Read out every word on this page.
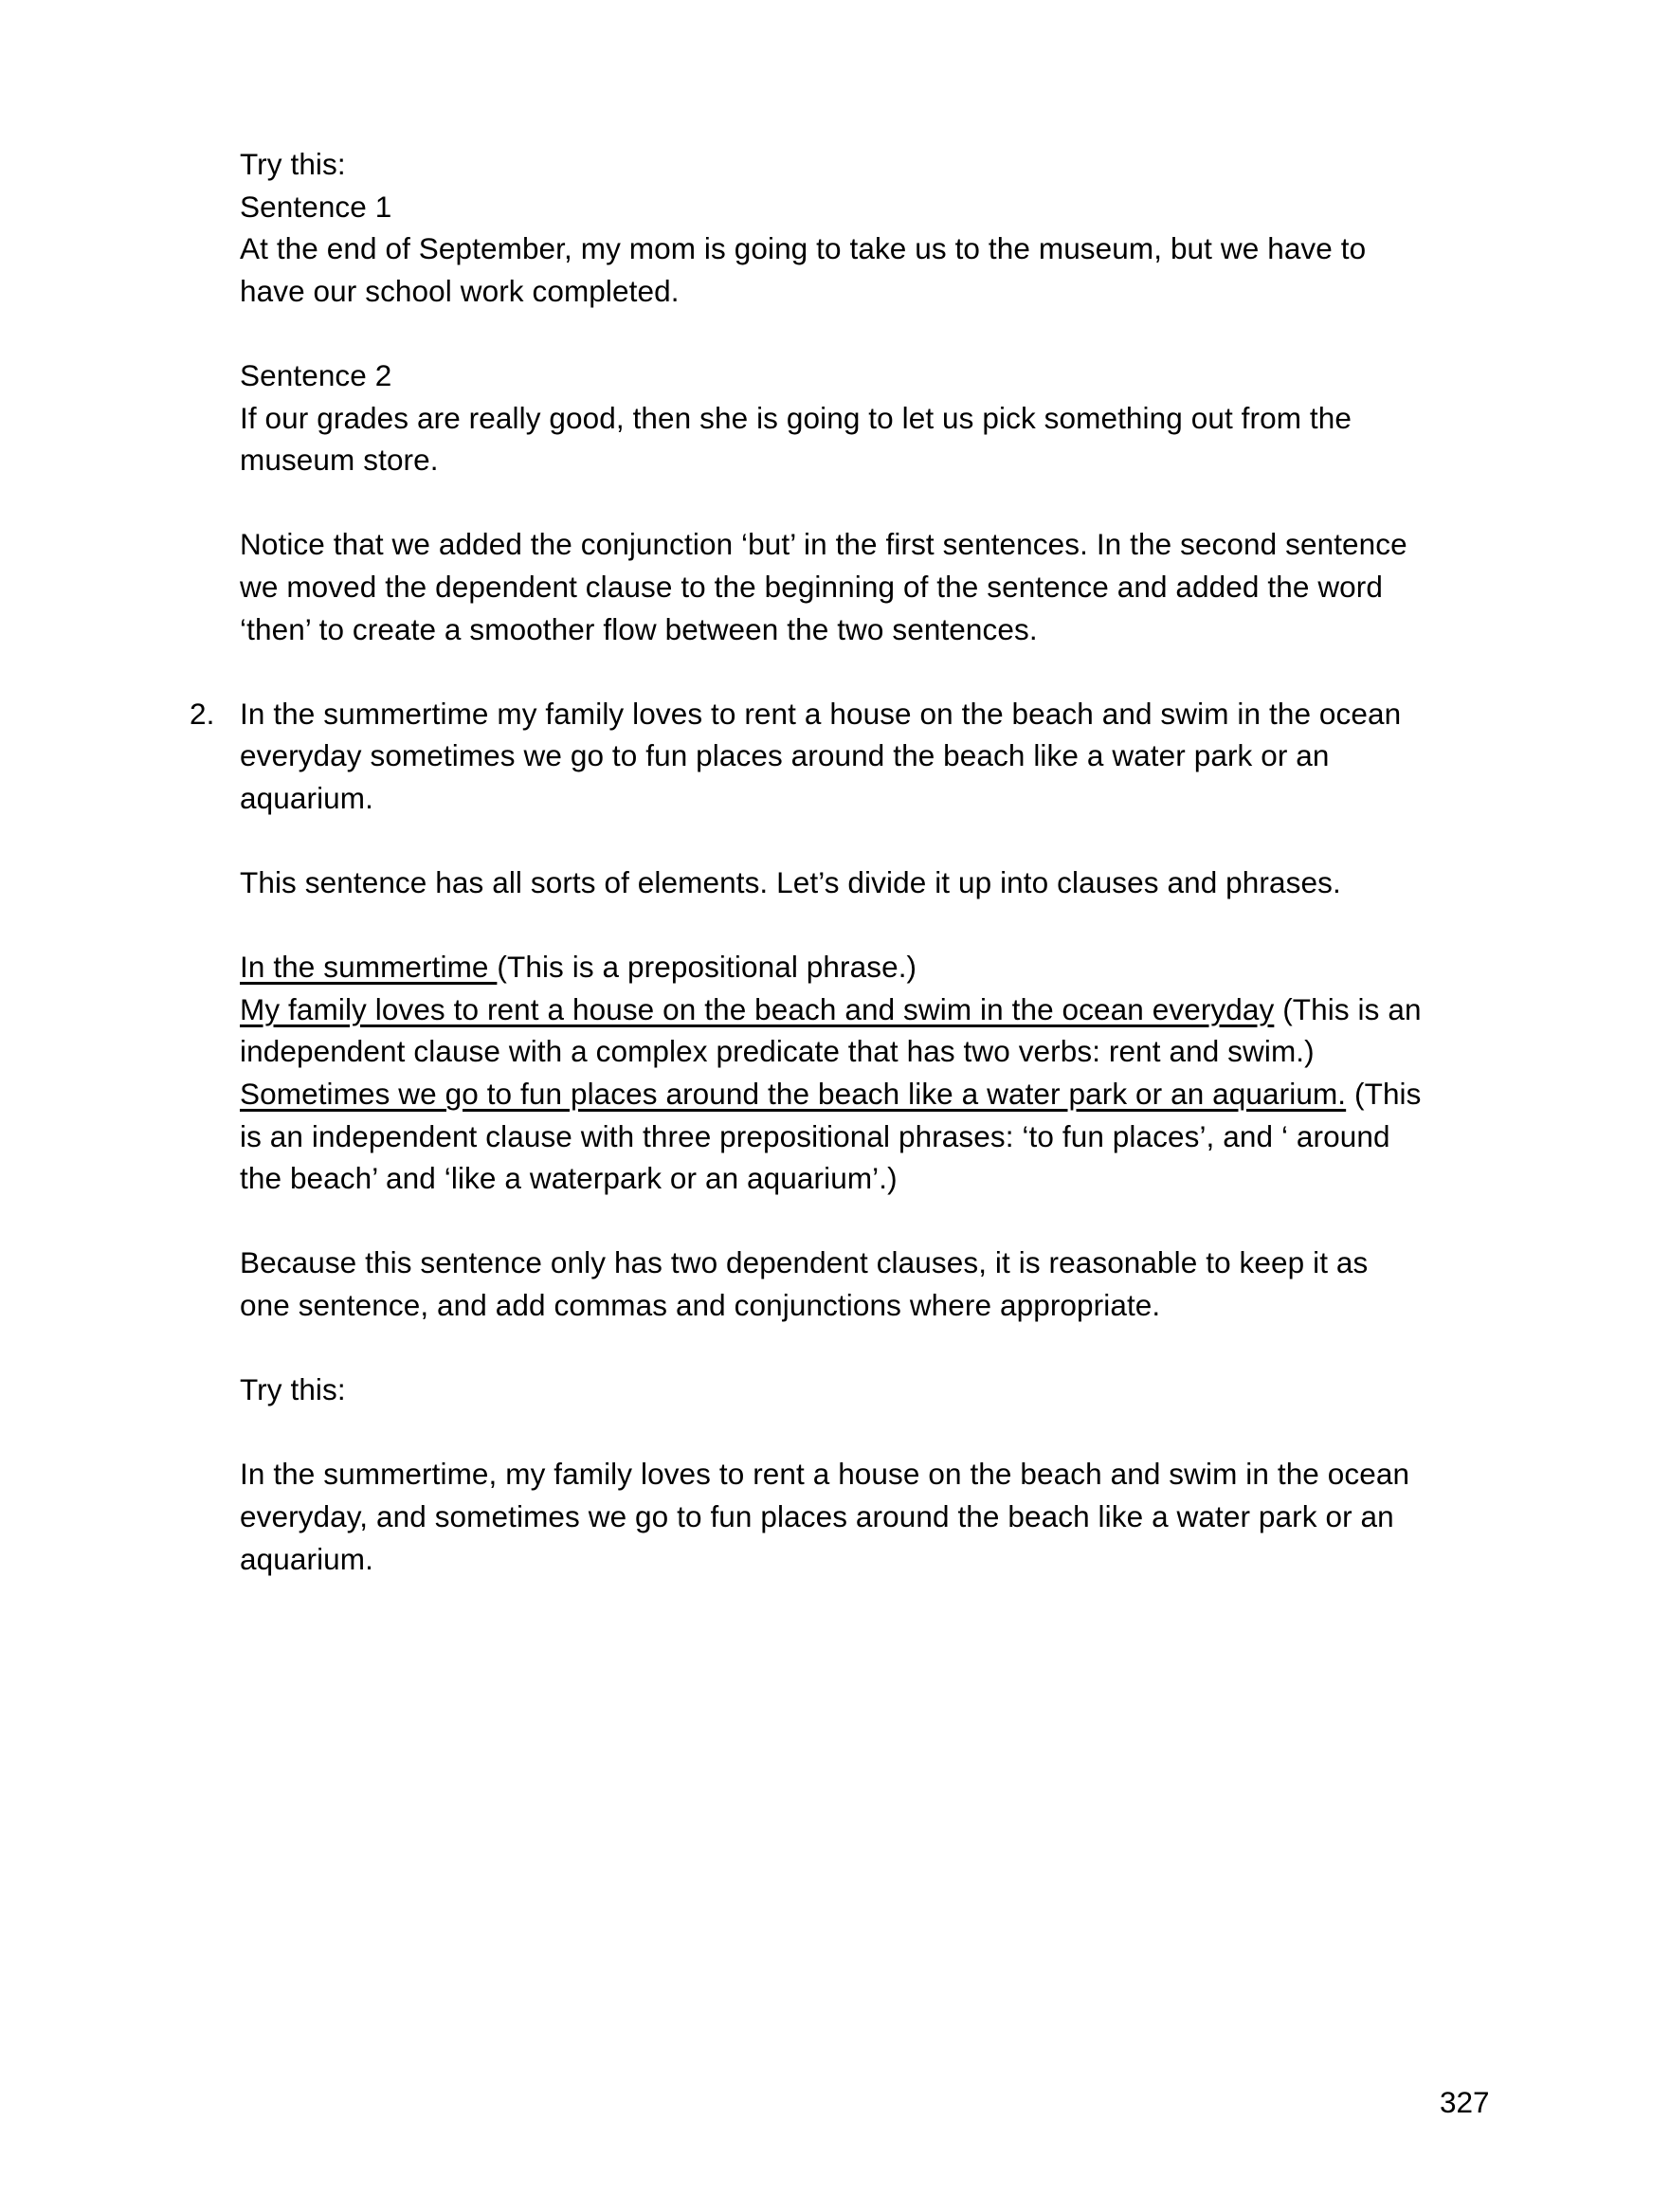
Try this:
Sentence 1
At the end of September, my mom is going to take us to the museum, but we have to
have our school work completed.
Sentence 2
If our grades are really good, then she is going to let us pick something out from the
museum store.
Notice that we added the conjunction ‘but’ in the first sentences. In the second sentence
we moved the dependent clause to the beginning of the sentence and added the word
‘then’ to create a smoother flow between the two sentences.
2. In the summertime my family loves to rent a house on the beach and swim in the ocean
everyday sometimes we go to fun places around the beach like a water park or an
aquarium.
This sentence has all sorts of elements. Let’s divide it up into clauses and phrases.
In the summertime (This is a prepositional phrase.)
My family loves to rent a house on the beach and swim in the ocean everyday (This is an
independent clause with a complex predicate that has two verbs: rent and swim.)
Sometimes we go to fun places around the beach like a water park or an aquarium. (This
is an independent clause with three prepositional phrases: ‘to fun places’, and ‘ around
the beach’ and ‘like a waterpark or an aquarium’.)
Because this sentence only has two dependent clauses, it is reasonable to keep it as
one sentence, and add commas and conjunctions where appropriate.
Try this:
In the summertime, my family loves to rent a house on the beach and swim in the ocean
everyday, and sometimes we go to fun places around the beach like a water park or an
aquarium.
327
